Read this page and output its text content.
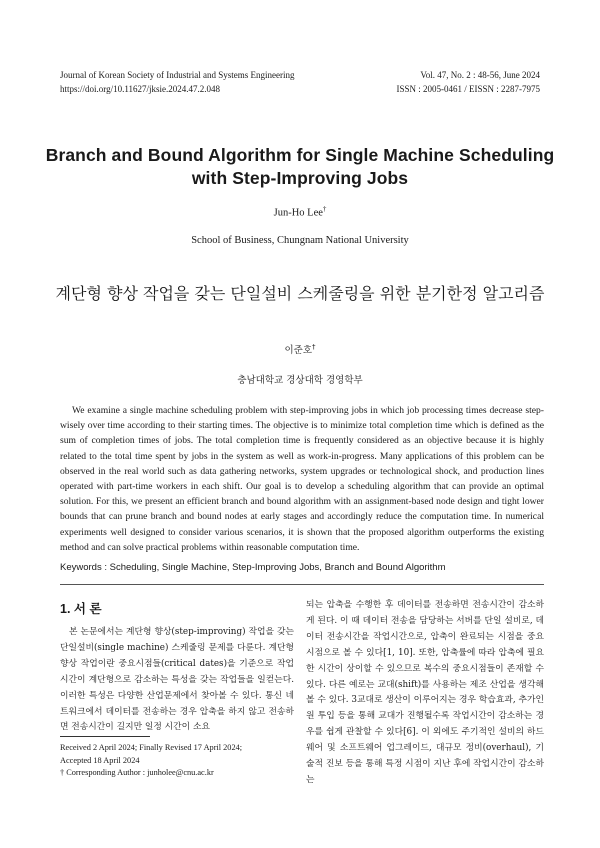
Journal of Korean Society of Industrial and Systems Engineering
https://doi.org/10.11627/jksie.2024.47.2.048
Vol. 47, No. 2 : 48-56, June 2024
ISSN : 2005-0461 / EISSN : 2287-7975
Branch and Bound Algorithm for Single Machine Scheduling with Step-Improving Jobs
Jun-Ho Lee†
School of Business, Chungnam National University
계단형 향상 작업을 갖는 단일설비 스케줄링을 위한 분기한정 알고리즘
이준호†
충남대학교 경상대학 경영학부

We examine a single machine scheduling problem with step-improving jobs in which job processing times decrease step-wisely over time according to their starting times. The objective is to minimize total completion time which is defined as the sum of completion times of jobs. The total completion time is frequently considered as an objective because it is highly related to the total time spent by jobs in the system as well as work-in-progress. Many applications of this problem can be observed in the real world such as data gathering networks, system upgrades or technological shock, and production lines operated with part-time workers in each shift. Our goal is to develop a scheduling algorithm that can provide an optimal solution. For this, we present an efficient branch and bound algorithm with an assignment-based node design and tight lower bounds that can prune branch and bound nodes at early stages and accordingly reduce the computation time. In numerical experiments well designed to consider various scenarios, it is shown that the proposed algorithm outperforms the existing method and can solve practical problems within reasonable computation time.

Keywords : Scheduling, Single Machine, Step-Improving Jobs, Branch and Bound Algorithm
1. 서 론

본 논문에서는 계단형 향상(step-improving) 작업을 갖는 단일설비(single machine) 스케줄링 문제를 다룬다. 계단형 향상 작업이란 중요시점들(critical dates)을 기준으로 작업 시간이 계단형으로 감소하는 특성을 갖는 작업들을 일컫는다. 이러한 특성은 다양한 산업문제에서 찾아볼 수 있다. 통신 네트워크에서 데이터를 전송하는 경우 압축을 하지 않고 전송하면 전송시간이 길지만 일정 시간이 소요

되는 압축을 수행한 후 데이터를 전송하면 전송시간이 감소하게 된다. 이 때 데이터 전송을 담당하는 서버를 단일 설비로, 데이터 전송시간을 작업시간으로, 압축이 완료되는 시점을 중요시점으로 볼 수 있다[1, 10]. 또한, 압축률에 따라 압축에 필요한 시간이 상이할 수 있으므로 복수의 중요시점들이 존재할 수 있다. 다른 예로는 교대(shift)를 사용하는 제조 산업을 생각해 볼 수 있다. 3교대로 생산이 이루어지는 경우 학습효과, 추가인원 투입 등을 통해 교대가 진행될수록 작업시간이 감소하는 경우를 쉽게 관찰할 수 있다[6]. 이 외에도 주기적인 설비의 하드웨어 및 소프트웨어 업그레이드, 대규모 정비(overhaul), 기술적 진보 등을 통해 특정 시점이 지난 후에 작업시간이 감소하는

Received 2 April 2024; Finally Revised 17 April 2024;
Accepted 18 April 2024
† Corresponding Author : junholee@cnu.ac.kr
